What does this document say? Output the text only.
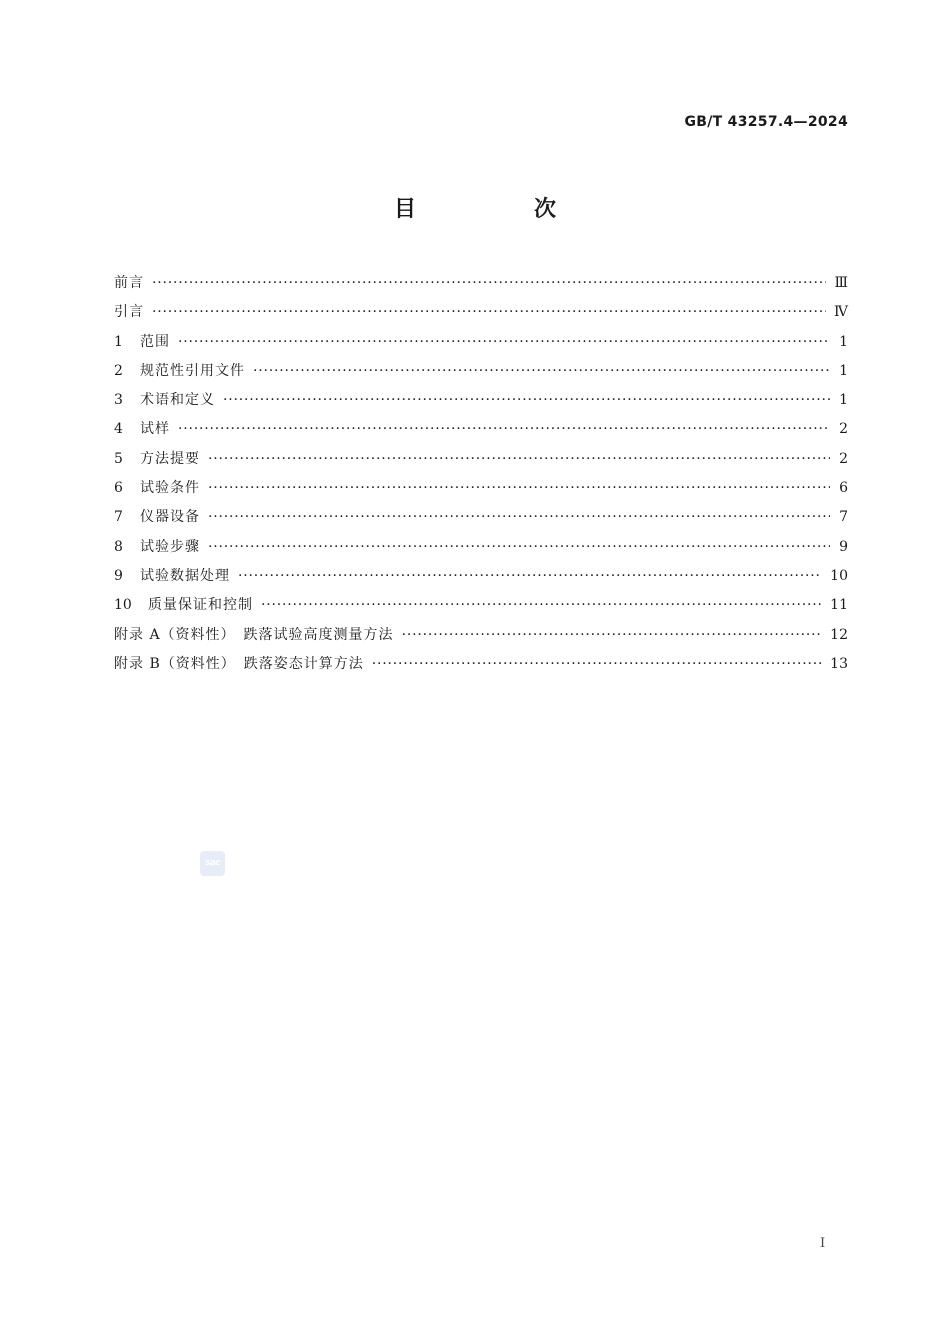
GB/T 43257.4—2024
目　次
前言 ·····	Ⅲ
引言 ·····	Ⅳ
1	范围 ·····	1
2	规范性引用文件 ·····	1
3	术语和定义 ·····	1
4	试样 ·····	2
5	方法提要 ·····	2
6	试验条件 ·····	6
7	仪器设备 ·····	7
8	试验步骤 ·····	9
9	试验数据处理 ·····	10
10	质量保证和控制 ·····	11
附录 A（资料性）　跌落试验高度测量方法 ·····	12
附录 B（资料性）　跌落姿态计算方法 ·····	13
sac
Ⅰ
